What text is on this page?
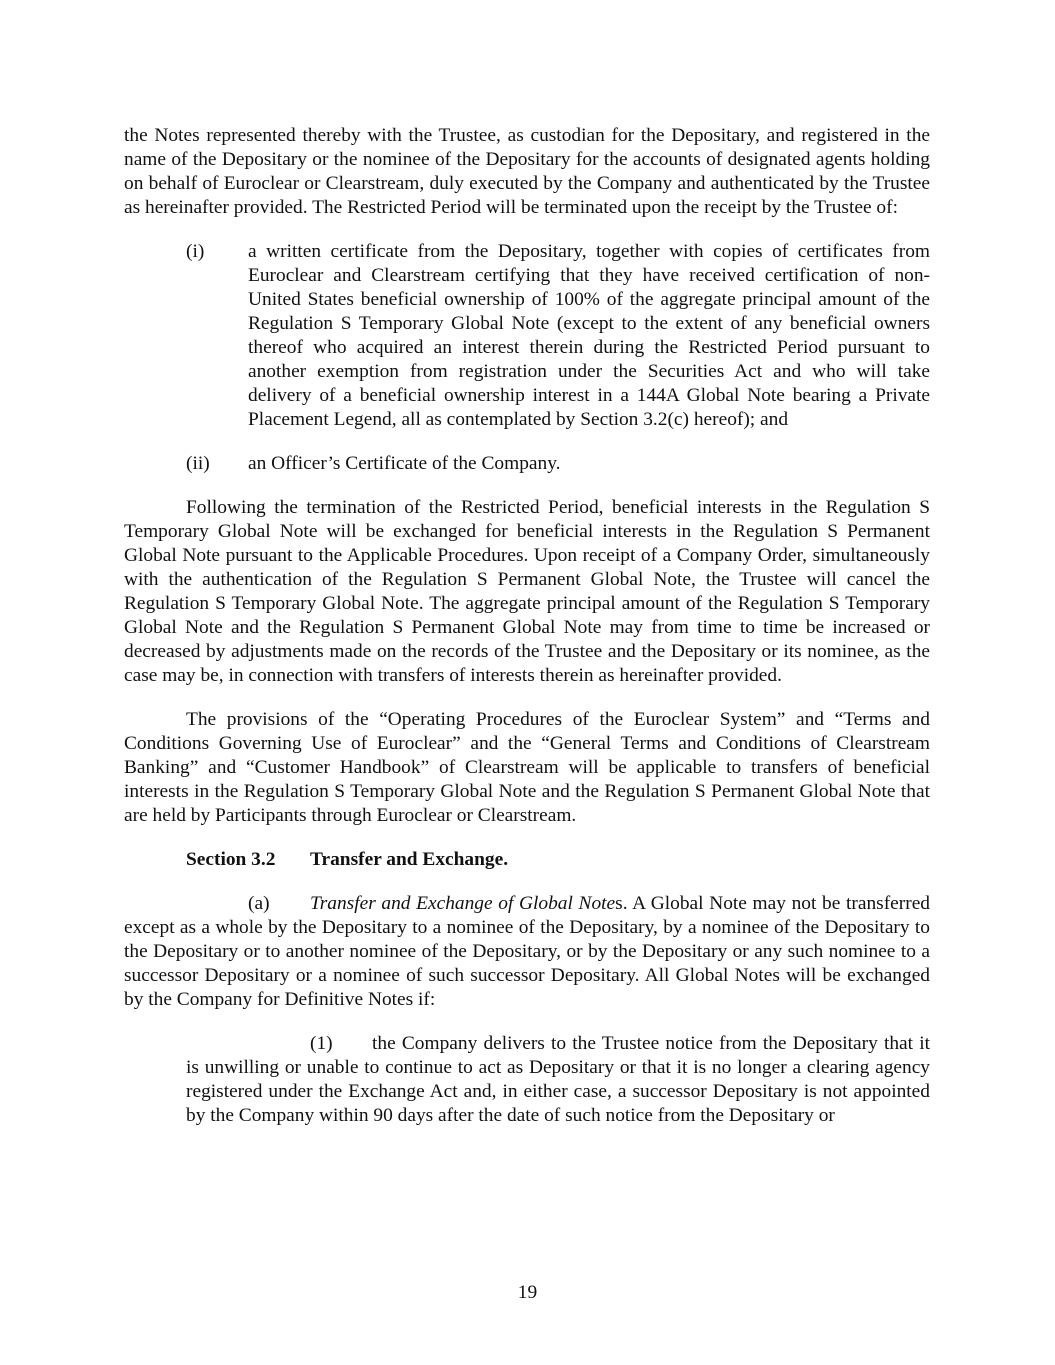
the Notes represented thereby with the Trustee, as custodian for the Depositary, and registered in the name of the Depositary or the nominee of the Depositary for the accounts of designated agents holding on behalf of Euroclear or Clearstream, duly executed by the Company and authenticated by the Trustee as hereinafter provided. The Restricted Period will be terminated upon the receipt by the Trustee of:

(i) a written certificate from the Depositary, together with copies of certificates from Euroclear and Clearstream certifying that they have received certification of non-United States beneficial ownership of 100% of the aggregate principal amount of the Regulation S Temporary Global Note (except to the extent of any beneficial owners thereof who acquired an interest therein during the Restricted Period pursuant to another exemption from registration under the Securities Act and who will take delivery of a beneficial ownership interest in a 144A Global Note bearing a Private Placement Legend, all as contemplated by Section 3.2(c) hereof); and

(ii) an Officer’s Certificate of the Company.

Following the termination of the Restricted Period, beneficial interests in the Regulation S Temporary Global Note will be exchanged for beneficial interests in the Regulation S Permanent Global Note pursuant to the Applicable Procedures. Upon receipt of a Company Order, simultaneously with the authentication of the Regulation S Permanent Global Note, the Trustee will cancel the Regulation S Temporary Global Note. The aggregate principal amount of the Regulation S Temporary Global Note and the Regulation S Permanent Global Note may from time to time be increased or decreased by adjustments made on the records of the Trustee and the Depositary or its nominee, as the case may be, in connection with transfers of interests therein as hereinafter provided.

The provisions of the “Operating Procedures of the Euroclear System” and “Terms and Conditions Governing Use of Euroclear” and the “General Terms and Conditions of Clearstream Banking” and “Customer Handbook” of Clearstream will be applicable to transfers of beneficial interests in the Regulation S Temporary Global Note and the Regulation S Permanent Global Note that are held by Participants through Euroclear or Clearstream.

Section 3.2 Transfer and Exchange.

(a) Transfer and Exchange of Global Notes. A Global Note may not be transferred except as a whole by the Depositary to a nominee of the Depositary, by a nominee of the Depositary to the Depositary or to another nominee of the Depositary, or by the Depositary or any such nominee to a successor Depositary or a nominee of such successor Depositary. All Global Notes will be exchanged by the Company for Definitive Notes if:

(1) the Company delivers to the Trustee notice from the Depositary that it is unwilling or unable to continue to act as Depositary or that it is no longer a clearing agency registered under the Exchange Act and, in either case, a successor Depositary is not appointed by the Company within 90 days after the date of such notice from the Depositary or

19
